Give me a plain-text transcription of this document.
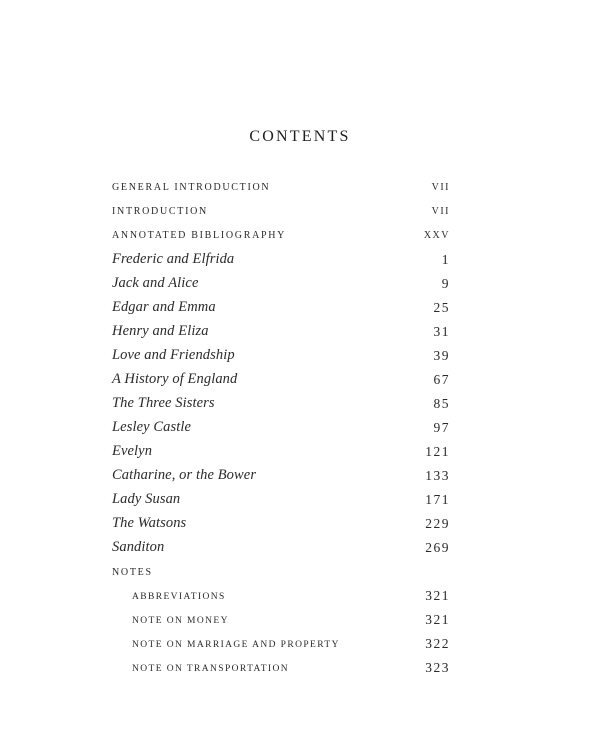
CONTENTS
GENERAL INTRODUCTION	VII
INTRODUCTION	VII
ANNOTATED BIBLIOGRAPHY	XXV
Frederic and Elfrida	1
Jack and Alice	9
Edgar and Emma	25
Henry and Eliza	31
Love and Friendship	39
A History of England	67
The Three Sisters	85
Lesley Castle	97
Evelyn	121
Catharine, or the Bower	133
Lady Susan	171
The Watsons	229
Sanditon	269
NOTES
ABBREVIATIONS	321
NOTE ON MONEY	321
NOTE ON MARRIAGE AND PROPERTY	322
NOTE ON TRANSPORTATION	323
